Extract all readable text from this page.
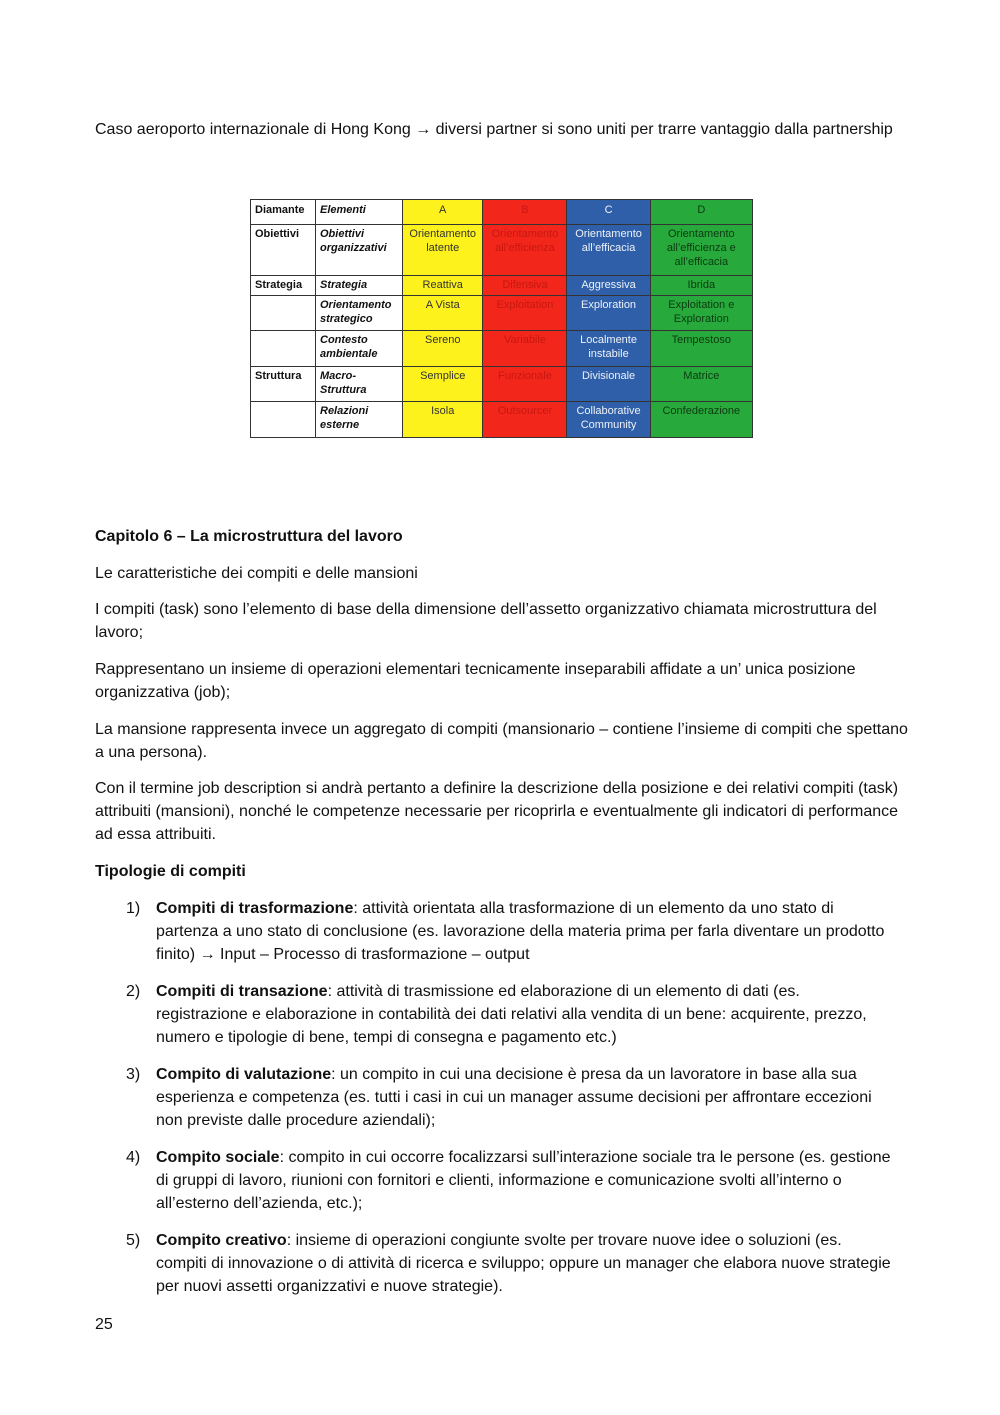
Caso aeroporto internazionale di Hong Kong → diversi partner si sono uniti per trarre vantaggio dalla partnership

Diamante	Elementi	A	B	C	D
Obiettivi	Obiettivi organizzativi	Orientamento latente	Orientamento all’efficienza	Orientamento all’efficacia	Orientamento all’efficienza e all’efficacia
Strategia	Strategia	Reattiva	Difensiva	Aggressiva	Ibrida
	Orientamento strategico	A Vista	Exploitation	Exploration	Exploitation e Exploration
	Contesto ambientale	Sereno	Variabile	Localmente instabile	Tempestoso
Struttura	Macro-Struttura	Semplice	Funzionale	Divisionale	Matrice
	Relazioni esterne	Isola	Outsourcer	Collaborative Community	Confederazione

Capitolo 6 – La microstruttura del lavoro

Le caratteristiche dei compiti e delle mansioni

I compiti (task) sono l’elemento di base della dimensione dell’assetto organizzativo chiamata microstruttura del lavoro;

Rappresentano un insieme di operazioni elementari tecnicamente inseparabili affidate a un’ unica posizione organizzativa (job);

La mansione rappresenta invece un aggregato di compiti (mansionario – contiene l’insieme di compiti che spettano a una persona).

Con il termine job description si andrà pertanto a definire la descrizione della posizione e dei relativi compiti (task) attribuiti (mansioni), nonché le competenze necessarie per ricoprirla e eventualmente gli indicatori di performance ad essa attribuiti.

Tipologie di compiti

1) Compiti di trasformazione: attività orientata alla trasformazione di un elemento da uno stato di partenza a uno stato di conclusione (es. lavorazione della materia prima per farla diventare un prodotto finito) → Input – Processo di trasformazione – output
2) Compiti di transazione: attività di trasmissione ed elaborazione di un elemento di dati (es. registrazione e elaborazione in contabilità dei dati relativi alla vendita di un bene: acquirente, prezzo, numero e tipologie di bene, tempi di consegna e pagamento etc.)
3) Compito di valutazione: un compito in cui una decisione è presa da un lavoratore in base alla sua esperienza e competenza (es. tutti i casi in cui un manager assume decisioni per affrontare eccezioni non previste dalle procedure aziendali);
4) Compito sociale: compito in cui occorre focalizzarsi sull’interazione sociale tra le persone (es. gestione di gruppi di lavoro, riunioni con fornitori e clienti, informazione e comunicazione svolti all’interno o all’esterno dell’azienda, etc.);
5) Compito creativo: insieme di operazioni congiunte svolte per trovare nuove idee o soluzioni (es. compiti di innovazione o di attività di ricerca e sviluppo; oppure un manager che elabora nuove strategie per nuovi assetti organizzativi e nuove strategie).
25
